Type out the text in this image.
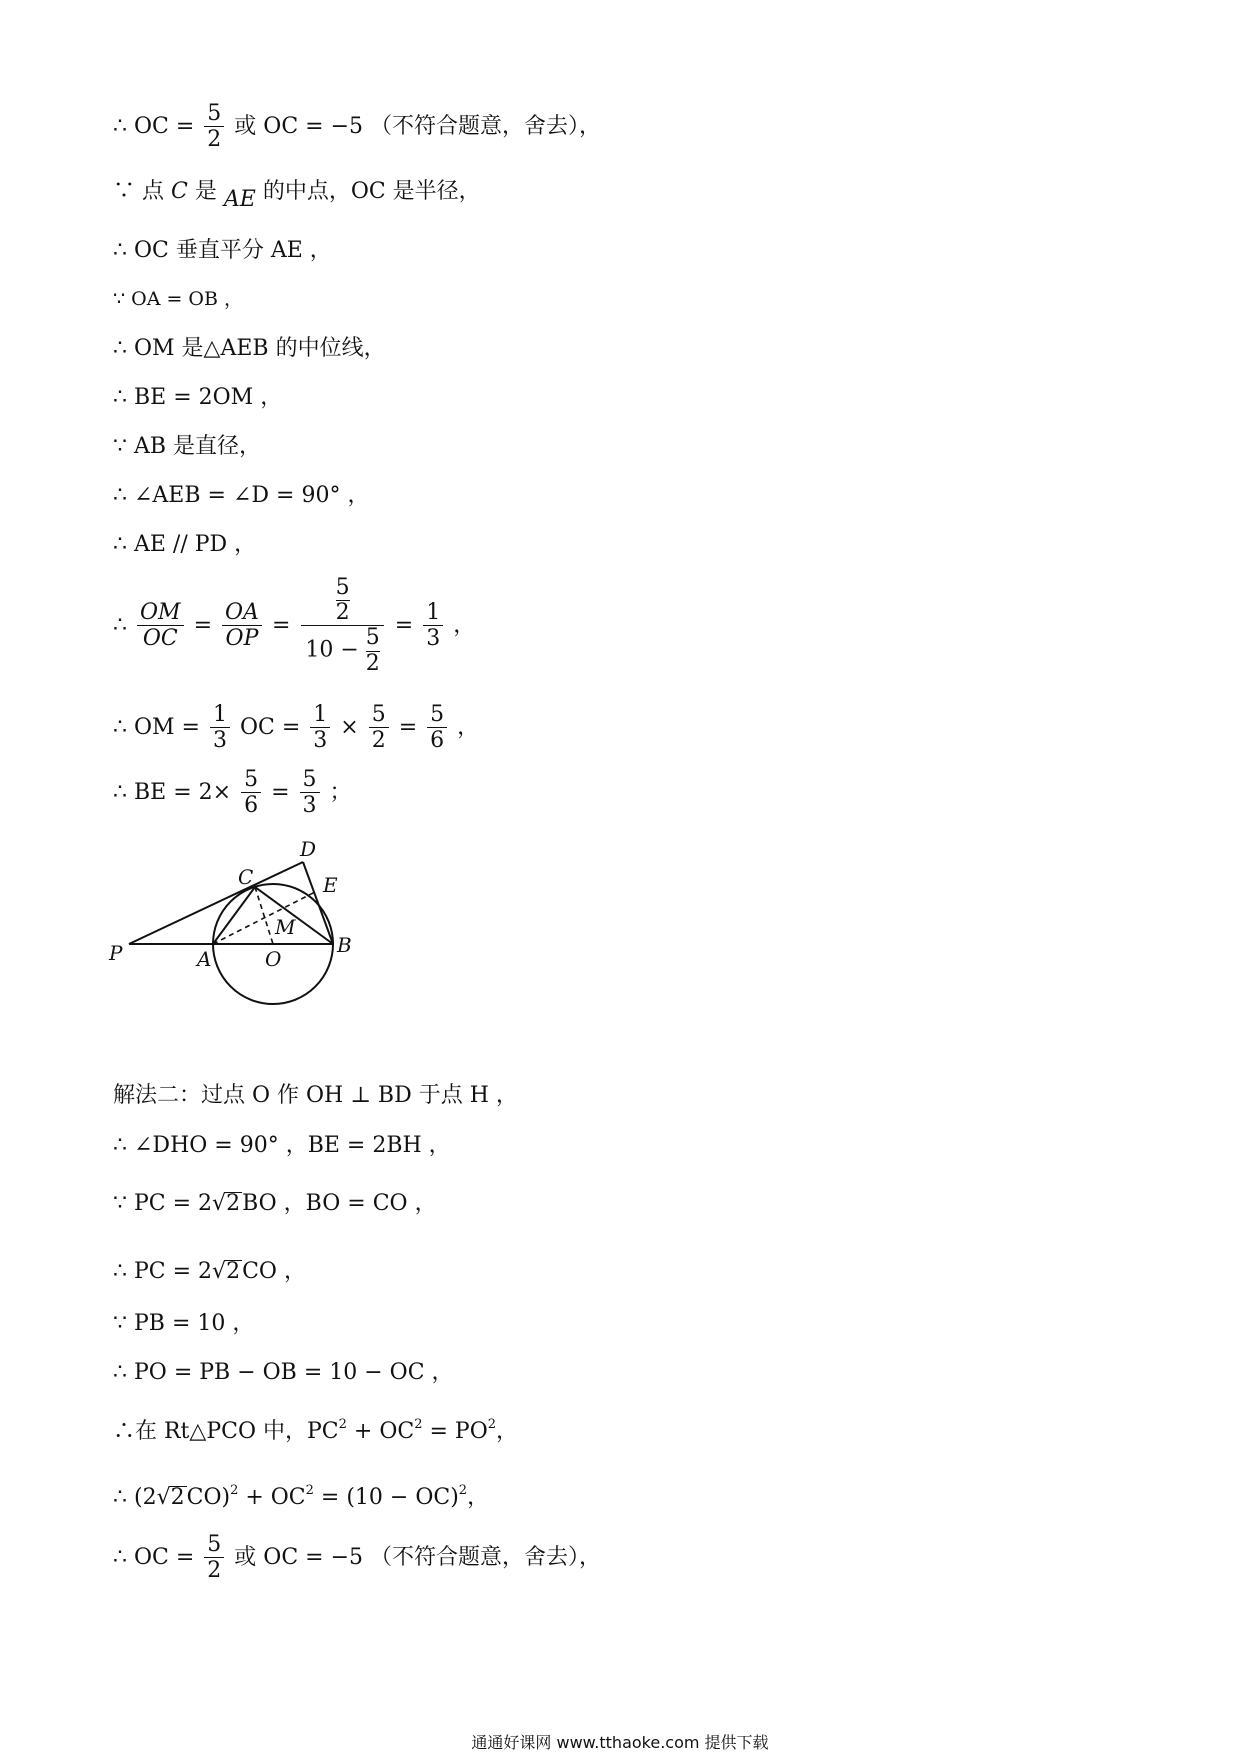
∴ OC = $\frac{5}{2}$ 或 OC = −5 （不符合题意，舍去），
∵ 点 C 是 AE 的中点，OC 是半径，
∴ OC 垂直平分 AE ，
∵ OA = OB ，
∴ OM 是△AEB 的中位线，
∴ BE = 2OM ，
∵ AB 是直径，
∴ ∠AEB = ∠D = 90° ，
∴ AE // PD ，
∴ $\frac{OM}{OC} = \frac{OA}{OP} = \frac{\frac{5}{2}}{10 - \frac{5}{2}} = \frac{1}{3}$ ，
∴ OM = $\frac{1}{3}$ OC = $\frac{1}{3} \times \frac{5}{2} = \frac{5}{6}$ ，
∴ BE = $2\times \frac{5}{6} = \frac{5}{3}$ ；
P	A	O
B
C
D
E
M
解法二：过点 O 作 OH ⊥ BD 于点 H ，
∴ ∠DHO = 90° ，BE = 2BH ，
∵ PC = 2√2BO ，BO = CO ，
∴ PC = 2√2CO ，
∵ PB = 10 ，
∴ PO = PB − OB = 10 − OC ，
∴在 Rt△PCO 中，$PC^2 + OC^2 = PO^2$，
∴ $(2√2CO)^2 + OC^2 = (10 - OC)^2$，
∴ OC = $\frac{5}{2}$ 或 OC = −5 （不符合题意，舍去），
通通好课网 www.tthaoke.com 提供下载
